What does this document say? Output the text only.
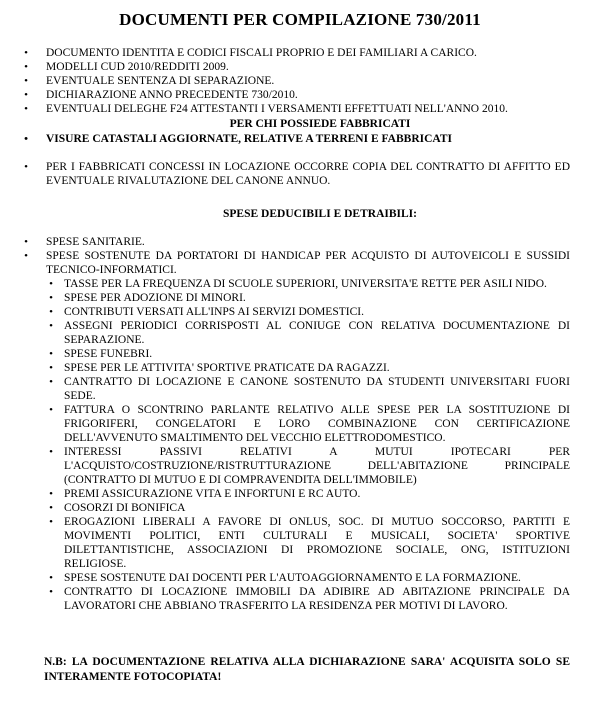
DOCUMENTI PER COMPILAZIONE 730/2011
• DOCUMENTO IDENTITA E CODICI FISCALI PROPRIO E DEI FAMILIARI A CARICO.
• MODELLI CUD 2010/REDDITI 2009.
• EVENTUALE SENTENZA DI SEPARAZIONE.
• DICHIARAZIONE ANNO PRECEDENTE 730/2010.
• EVENTUALI DELEGHE F24 ATTESTANTI I VERSAMENTI EFFETTUATI NELL'ANNO 2010.
PER CHI POSSIEDE FABBRICATI
• VISURE CATASTALI AGGIORNATE, RELATIVE A TERRENI E FABBRICATI
• PER I FABBRICATI CONCESSI IN LOCAZIONE OCCORRE COPIA DEL CONTRATTO DI AFFITTO ED EVENTUALE RIVALUTAZIONE DEL CANONE ANNUO.
SPESE DEDUCIBILI E DETRAIBILI:
• SPESE SANITARIE.
• SPESE SOSTENUTE DA PORTATORI DI HANDICAP PER ACQUISTO DI AUTOVEICOLI E SUSSIDI TECNICO-INFORMATICI.
• TASSE PER LA FREQUENZA DI SCUOLE SUPERIORI, UNIVERSITA'E RETTE PER ASILI NIDO.
• SPESE PER ADOZIONE DI MINORI.
• CONTRIBUTI VERSATI ALL'INPS AI SERVIZI DOMESTICI.
• ASSEGNI PERIODICI CORRISPOSTI AL CONIUGE CON RELATIVA DOCUMENTAZIONE DI SEPARAZIONE.
• SPESE FUNEBRI.
• SPESE PER LE ATTIVITA' SPORTIVE PRATICATE DA RAGAZZI.
• CANTRATTO DI LOCAZIONE E CANONE SOSTENUTO DA STUDENTI UNIVERSITARI FUORI SEDE.
• FATTURA O SCONTRINO PARLANTE RELATIVO ALLE SPESE PER LA SOSTITUZIONE DI FRIGORIFERI, CONGELATORI E LORO COMBINAZIONE CON CERTIFICAZIONE DELL'AVVENUTO SMALTIMENTO DEL VECCHIO ELETTRODOMESTICO.
• INTERESSI PASSIVI RELATIVI A MUTUI IPOTECARI PER L'ACQUISTO/COSTRUZIONE/RISTRUTTURAZIONE DELL'ABITAZIONE PRINCIPALE (CONTRATTO DI MUTUO E DI COMPRAVENDITA DELL'IMMOBILE)
• PREMI ASSICURAZIONE VITA E INFORTUNI E RC AUTO.
• COSORZI DI BONIFICA
• EROGAZIONI LIBERALI A FAVORE DI ONLUS, SOC. DI MUTUO SOCCORSO, PARTITI E MOVIMENTI POLITICI, ENTI CULTURALI E MUSICALI, SOCIETA' SPORTIVE DILETTANTISTICHE, ASSOCIAZIONI DI PROMOZIONE SOCIALE, ONG, ISTITUZIONI RELIGIOSE.
• SPESE SOSTENUTE DAI DOCENTI PER L'AUTOAGGIORNAMENTO E LA FORMAZIONE.
• CONTRATTO DI LOCAZIONE IMMOBILI DA ADIBIRE AD ABITAZIONE PRINCIPALE DA LAVORATORI CHE ABBIANO TRASFERITO LA RESIDENZA PER MOTIVI DI LAVORO.
N.B: LA DOCUMENTAZIONE RELATIVA ALLA DICHIARAZIONE SARA' ACQUISITA SOLO SE INTERAMENTE FOTOCOPIATA!
